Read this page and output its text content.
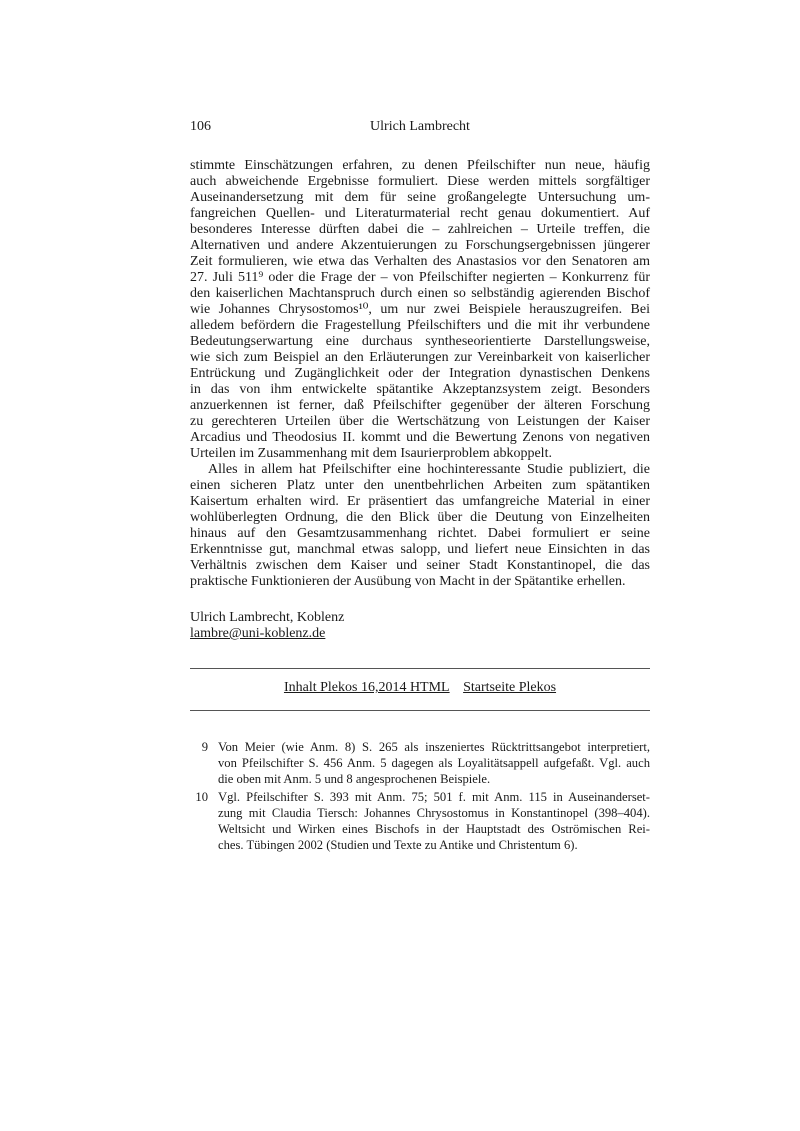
106	Ulrich Lambrecht
stimmte Einschätzungen erfahren, zu denen Pfeilschifter nun neue, häufig
auch abweichende Ergebnisse formuliert. Diese werden mittels sorgfältiger
Auseinandersetzung mit dem für seine großangelegte Untersuchung um-
fangreichen Quellen- und Literaturmaterial recht genau dokumentiert. Auf
besonderes Interesse dürften dabei die – zahlreichen – Urteile treffen, die
Alternativen und andere Akzentuierungen zu Forschungsergebnissen jüngerer
Zeit formulieren, wie etwa das Verhalten des Anastasios vor den Senatoren am
27. Juli 511⁹ oder die Frage der – von Pfeilschifter negierten – Konkurrenz für
den kaiserlichen Machtanspruch durch einen so selbständig agierenden Bischof
wie Johannes Chrysostomos¹⁰, um nur zwei Beispiele herauszugreifen. Bei
alledem befördern die Fragestellung Pfeilschifters und die mit ihr verbundene
Bedeutungserwartung eine durchaus syntheseorientierte Darstellungsweise,
wie sich zum Beispiel an den Erläuterungen zur Vereinbarkeit von kaiserlicher
Entrückung und Zugänglichkeit oder der Integration dynastischen Denkens
in das von ihm entwickelte spätantike Akzeptanzsystem zeigt. Besonders
anzuerkennen ist ferner, daß Pfeilschifter gegenüber der älteren Forschung
zu gerechteren Urteilen über die Wertschätzung von Leistungen der Kaiser
Arcadius und Theodosius II. kommt und die Bewertung Zenons von negativen
Urteilen im Zusammenhang mit dem Isaurierproblem abkoppelt.
Alles in allem hat Pfeilschifter eine hochinteressante Studie publiziert, die
einen sicheren Platz unter den unentbehrlichen Arbeiten zum spätantiken
Kaisertum erhalten wird. Er präsentiert das umfangreiche Material in einer
wohlüberlegten Ordnung, die den Blick über die Deutung von Einzelheiten
hinaus auf den Gesamtzusammenhang richtet. Dabei formuliert er seine
Erkenntnisse gut, manchmal etwas salopp, und liefert neue Einsichten in das
Verhältnis zwischen dem Kaiser und seiner Stadt Konstantinopel, die das
praktische Funktionieren der Ausübung von Macht in der Spätantike erhellen.
Ulrich Lambrecht, Koblenz
lambre@uni-koblenz.de
Inhalt Plekos 16,2014 HTML Startseite Plekos
9 Von Meier (wie Anm. 8) S. 265 als inszeniertes Rücktrittsangebot interpretiert,
von Pfeilschifter S. 456 Anm. 5 dagegen als Loyalitätsappell aufgefaßt. Vgl. auch
die oben mit Anm. 5 und 8 angesprochenen Beispiele.
10 Vgl. Pfeilschifter S. 393 mit Anm. 75; 501 f. mit Anm. 115 in Auseinanderset-
zung mit Claudia Tiersch: Johannes Chrysostomus in Konstantinopel (398–404).
Weltsicht und Wirken eines Bischofs in der Hauptstadt des Oströmischen Rei-
ches. Tübingen 2002 (Studien und Texte zu Antike und Christentum 6).
